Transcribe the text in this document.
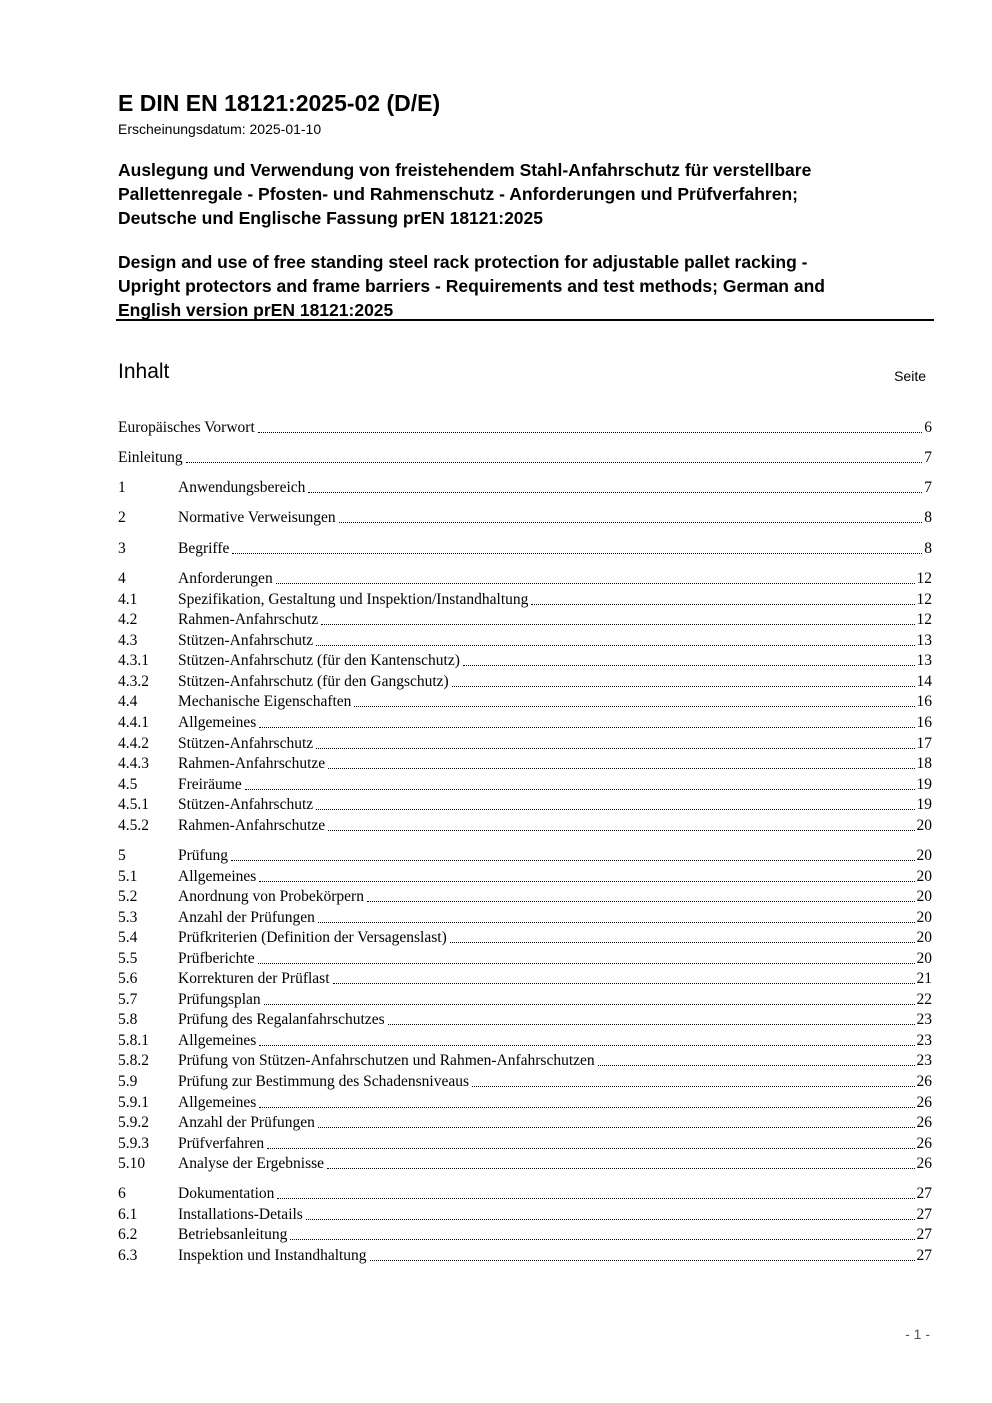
E DIN EN 18121:2025-02 (D/E)
Erscheinungsdatum: 2025-01-10
Auslegung und Verwendung von freistehendem Stahl-Anfahrschutz für verstellbare
Pallettenregale - Pfosten- und Rahmenschutz - Anforderungen und Prüfverfahren;
Deutsche und Englische Fassung prEN 18121:2025
Design and use of free standing steel rack protection for adjustable pallet racking -
Upright protectors and frame barriers - Requirements and test methods; German and
English version prEN 18121:2025
Inhalt	Seite
Europäisches Vorwort	6
Einleitung	7
1	Anwendungsbereich	7
2	Normative Verweisungen	8
3	Begriffe	8
4	Anforderungen	12
4.1	Spezifikation, Gestaltung und Inspektion/Instandhaltung	12
4.2	Rahmen-Anfahrschutz	12
4.3	Stützen-Anfahrschutz	13
4.3.1	Stützen-Anfahrschutz (für den Kantenschutz)	13
4.3.2	Stützen-Anfahrschutz (für den Gangschutz)	14
4.4	Mechanische Eigenschaften	16
4.4.1	Allgemeines	16
4.4.2	Stützen-Anfahrschutz	17
4.4.3	Rahmen-Anfahrschutze	18
4.5	Freiräume	19
4.5.1	Stützen-Anfahrschutz	19
4.5.2	Rahmen-Anfahrschutze	20
5	Prüfung	20
5.1	Allgemeines	20
5.2	Anordnung von Probekörpern	20
5.3	Anzahl der Prüfungen	20
5.4	Prüfkriterien (Definition der Versagenslast)	20
5.5	Prüfberichte	20
5.6	Korrekturen der Prüflast	21
5.7	Prüfungsplan	22
5.8	Prüfung des Regalanfahrschutzes	23
5.8.1	Allgemeines	23
5.8.2	Prüfung von Stützen-Anfahrschutzen und Rahmen-Anfahrschutzen	23
5.9	Prüfung zur Bestimmung des Schadensniveaus	26
5.9.1	Allgemeines	26
5.9.2	Anzahl der Prüfungen	26
5.9.3	Prüfverfahren	26
5.10	Analyse der Ergebnisse	26
6	Dokumentation	27
6.1	Installations-Details	27
6.2	Betriebsanleitung	27
6.3	Inspektion und Instandhaltung	27
- 1 -
